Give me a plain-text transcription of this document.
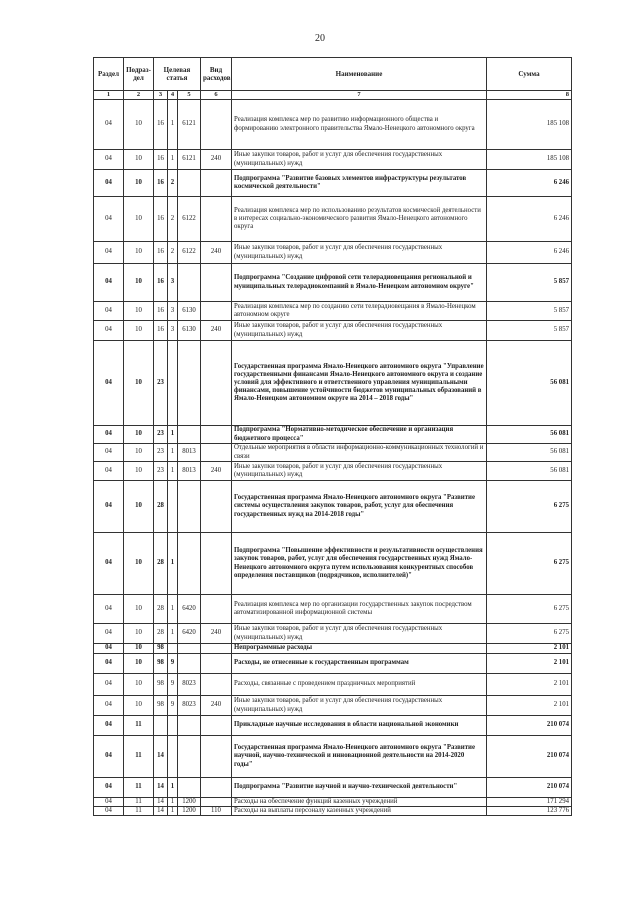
20
Раздел	Подраз-дел	Целевая статья			Вид расходов	Наименование	Сумма
1	2	3	4	5	6	7	8
04	10	16	1	6121		Реализация комплекса мер по развитию информационного общества и формированию электронного правительства Ямало-Ненецкого автономного округа	185 108
04	10	16	1	6121	240	Иные закупки товаров, работ и услуг для обеспечения государственных (муниципальных) нужд	185 108
04	10	16	2			Подпрограмма "Развитие базовых элементов инфраструктуры результатов космической деятельности"	6 246
04	10	16	2	6122		Реализация комплекса мер по использованию результатов космической деятельности в интересах социально-экономического развития Ямало-Ненецкого автономного округа	6 246
04	10	16	2	6122	240	Иные закупки товаров, работ и услуг для обеспечения государственных (муниципальных) нужд	6 246
04	10	16	3			Подпрограмма "Создание цифровой сети телерадиовещания региональной и муниципальных телерадиокомпаний в Ямало-Ненецком автономном округе"	5 857
04	10	16	3	6130		Реализация комплекса мер по созданию сети телерадиовещания в Ямало-Ненецком автономном округе	5 857
04	10	16	3	6130	240	Иные закупки товаров, работ и услуг для обеспечения государственных (муниципальных) нужд	5 857
04	10	23				Государственная программа Ямало-Ненецкого автономного округа "Управление государственными финансами Ямало-Ненецкого автономного округа и создание условий для эффективного и ответственного управления муниципальными финансами, повышение устойчивости бюджетов муниципальных образований в Ямало-Ненецком автономном округе на 2014 – 2018 годы"	56 081
04	10	23	1			Подпрограмма "Нормативно-методическое обеспечение и организация бюджетного процесса"	56 081
04	10	23	1	8013		Отдельные мероприятия в области информационно-коммуникационных технологий и связи	56 081
04	10	23	1	8013	240	Иные закупки товаров, работ и услуг для обеспечения государственных (муниципальных) нужд	56 081
04	10	28				Государственная программа Ямало-Ненецкого автономного округа "Развитие системы осуществления закупок товаров, работ, услуг для обеспечения государственных нужд на 2014-2018 годы"	6 275
04	10	28	1			Подпрограмма "Повышение эффективности и результативности осуществления закупок товаров, работ, услуг для обеспечения государственных нужд Ямало-Ненецкого автономного округа путем использования конкурентных способов определения поставщиков (подрядчиков, исполнителей)"	6 275
04	10	28	1	6420		Реализация комплекса мер по организации государственных закупок посредством автоматизированной информационной системы	6 275
04	10	28	1	6420	240	Иные закупки товаров, работ и услуг для обеспечения государственных (муниципальных) нужд	6 275
04	10	98				Непрограммные расходы	2 101
04	10	98	9			Расходы, не отнесенные к государственным программам	2 101
04	10	98	9	8023		Расходы, связанные с проведением праздничных мероприятий	2 101
04	10	98	9	8023	240	Иные закупки товаров, работ и услуг для обеспечения государственных (муниципальных) нужд	2 101
04	11					Прикладные научные исследования в области национальной экономики	210 074
04	11	14				Государственная программа Ямало-Ненецкого автономного округа "Развитие научной, научно-технической и инновационной деятельности на 2014-2020 годы"	210 074
04	11	14	1			Подпрограмма "Развитие научной и научно-технической деятельности"	210 074
04	11	14	1	1200		Расходы на обеспечение функций казенных учреждений	171 294
04	11	14	1	1200	110	Расходы на выплаты персоналу казенных учреждений	123 776
